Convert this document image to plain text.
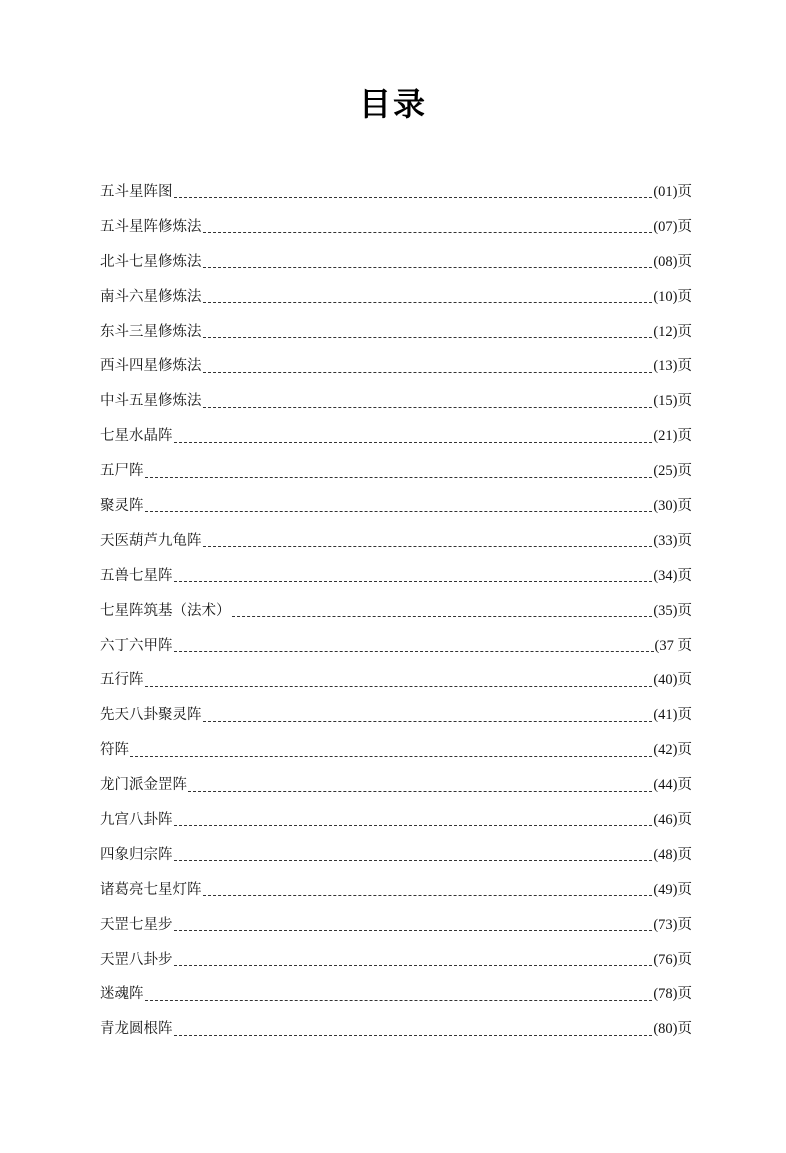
目录
五斗星阵图	(01)页
五斗星阵修炼法	(07)页
北斗七星修炼法	(08)页
南斗六星修炼法	(10)页
东斗三星修炼法	(12)页
西斗四星修炼法	(13)页
中斗五星修炼法	(15)页
七星水晶阵	(21)页
五尸阵	(25)页
聚灵阵	(30)页
天医葫芦九龟阵	(33)页
五兽七星阵	(34)页
七星阵筑基（法术）	(35)页
六丁六甲阵	(37 页
五行阵	(40)页
先天八卦聚灵阵	(41)页
符阵	(42)页
龙门派金罡阵	(44)页
九宫八卦阵	(46)页
四象归宗阵	(48)页
诸葛亮七星灯阵	(49)页
天罡七星步	(73)页
天罡八卦步	(76)页
迷魂阵	(78)页
青龙圆根阵	(80)页
